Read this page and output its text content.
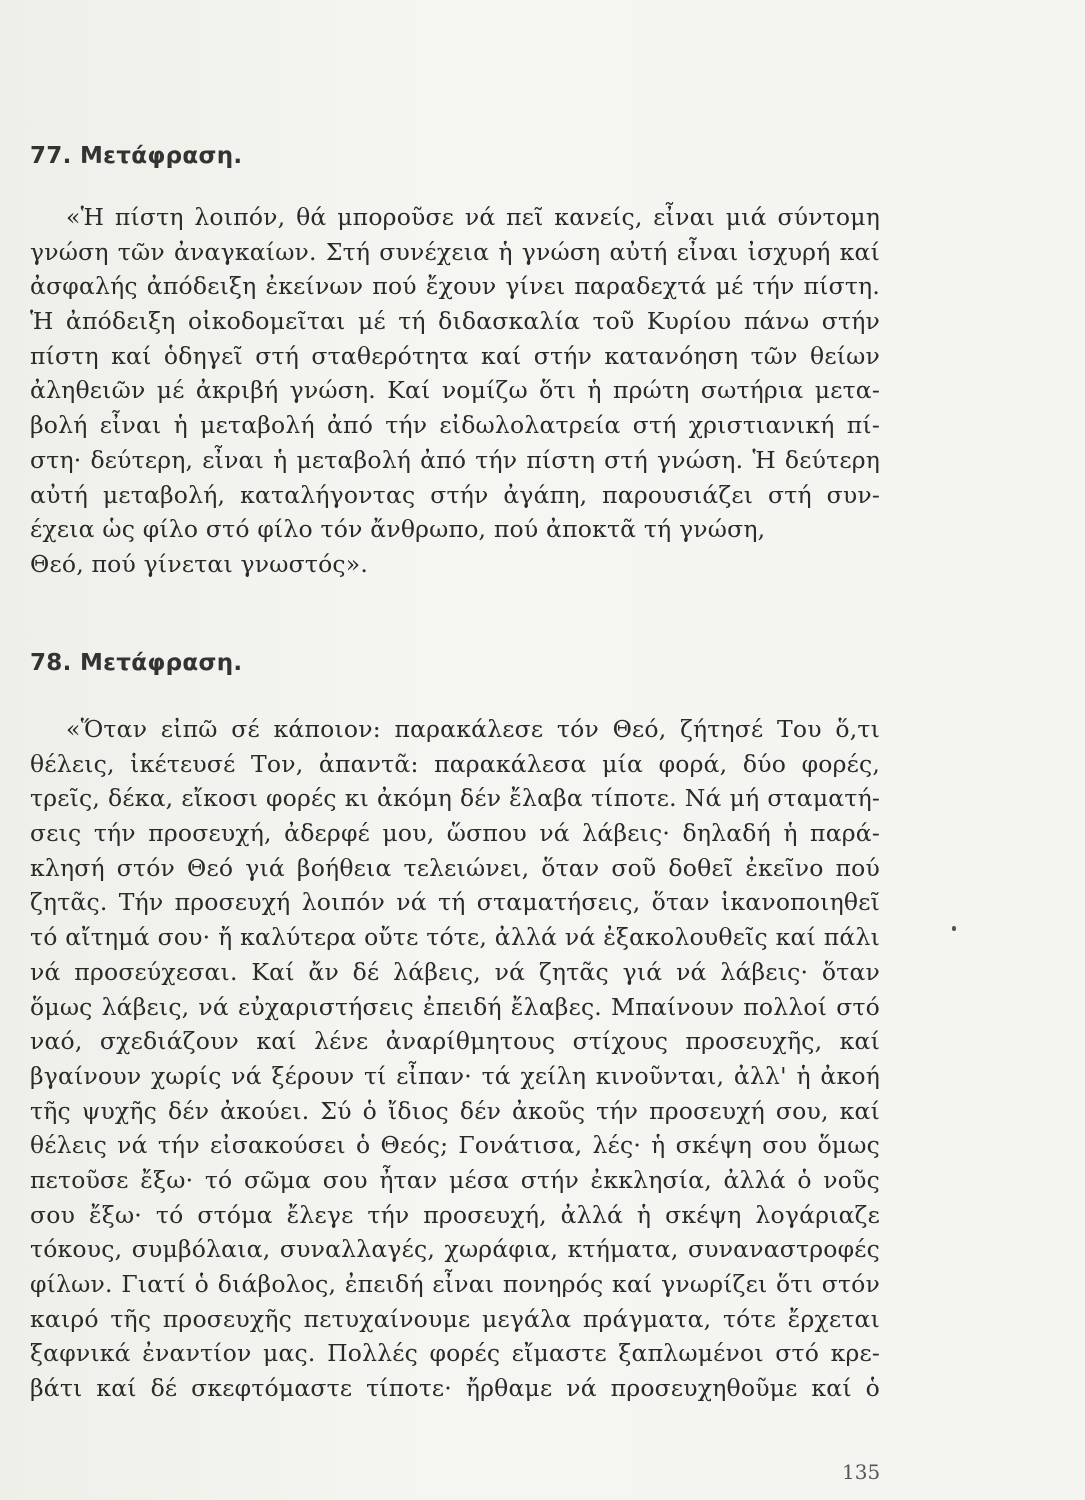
77. Μετάφραση.
«Ἡ πίστη λοιπόν, θά μποροῦσε νά πεῖ κανείς, εἶναι μιά σύντομη
γνώση τῶν ἀναγκαίων. Στή συνέχεια ἡ γνώση αὐτή εἶναι ἰσχυρή καί
ἀσφαλής ἀπόδειξη ἐκείνων πού ἔχουν γίνει παραδεχτά μέ τήν πίστη.
Ἡ ἀπόδειξη οἰκοδομεῖται μέ τή διδασκαλία τοῦ Κυρίου πάνω στήν
πίστη καί ὁδηγεῖ στή σταθερότητα καί στήν κατανόηση τῶν θείων
ἀληθειῶν μέ ἀκριβή γνώση. Καί νομίζω ὅτι ἡ πρώτη σωτήρια μετα-
βολή εἶναι ἡ μεταβολή ἀπό τήν εἰδωλολατρεία στή χριστιανική πί-
στη· δεύτερη, εἶναι ἡ μεταβολή ἀπό τήν πίστη στή γνώση. Ἡ δεύτερη
αὐτή μεταβολή, καταλήγοντας στήν ἀγάπη, παρουσιάζει στή συν-
έχεια ὡς φίλο στό φίλο τόν ἄνθρωπο, πού ἀποκτᾶ τή γνώση,
Θεό, πού γίνεται γνωστός».
78. Μετάφραση.
«Ὅταν εἰπῶ σέ κάποιον: παρακάλεσε τόν Θεό, ζήτησέ Του ὅ,τι
θέλεις, ἱκέτευσέ Τον, ἀπαντᾶ: παρακάλεσα μία φορά, δύο φορές,
τρεῖς, δέκα, εἴκοσι φορές κι ἀκόμη δέν ἔλαβα τίποτε. Νά μή σταματή-
σεις τήν προσευχή, ἀδερφέ μου, ὥσπου νά λάβεις· δηλαδή ἡ παρά-
κλησή στόν Θεό γιά βοήθεια τελειώνει, ὅταν σοῦ δοθεῖ ἐκεῖνο πού
ζητᾶς. Τήν προσευχή λοιπόν νά τή σταματήσεις, ὅταν ἱκανοποιηθεῖ
τό αἴτημά σου· ἤ καλύτερα οὔτε τότε, ἀλλά νά ἐξακολουθεῖς καί πάλι
νά προσεύχεσαι. Καί ἄν δέ λάβεις, νά ζητᾶς γιά νά λάβεις· ὅταν
ὅμως λάβεις, νά εὐχαριστήσεις ἐπειδή ἔλαβες. Μπαίνουν πολλοί στό
ναό, σχεδιάζουν καί λένε ἀναρίθμητους στίχους προσευχῆς, καί
βγαίνουν χωρίς νά ξέρουν τί εἶπαν· τά χείλη κινοῦνται, ἀλλ' ἡ ἀκοή
τῆς ψυχῆς δέν ἀκούει. Σύ ὁ ἴδιος δέν ἀκοῦς τήν προσευχή σου, καί
θέλεις νά τήν εἰσακούσει ὁ Θεός; Γονάτισα, λές· ἡ σκέψη σου ὅμως
πετοῦσε ἔξω· τό σῶμα σου ἦταν μέσα στήν ἐκκλησία, ἀλλά ὁ νοῦς
σου ἔξω· τό στόμα ἔλεγε τήν προσευχή, ἀλλά ἡ σκέψη λογάριαζε
τόκους, συμβόλαια, συναλλαγές, χωράφια, κτήματα, συναναστροφές
φίλων. Γιατί ὁ διάβολος, ἐπειδή εἶναι πονηρός καί γνωρίζει ὅτι στόν
καιρό τῆς προσευχῆς πετυχαίνουμε μεγάλα πράγματα, τότε ἔρχεται
ξαφνικά ἐναντίον μας. Πολλές φορές εἴμαστε ξαπλωμένοι στό κρε-
βάτι καί δέ σκεφτόμαστε τίποτε· ἤρθαμε νά προσευχηθοῦμε καί ὁ
135
